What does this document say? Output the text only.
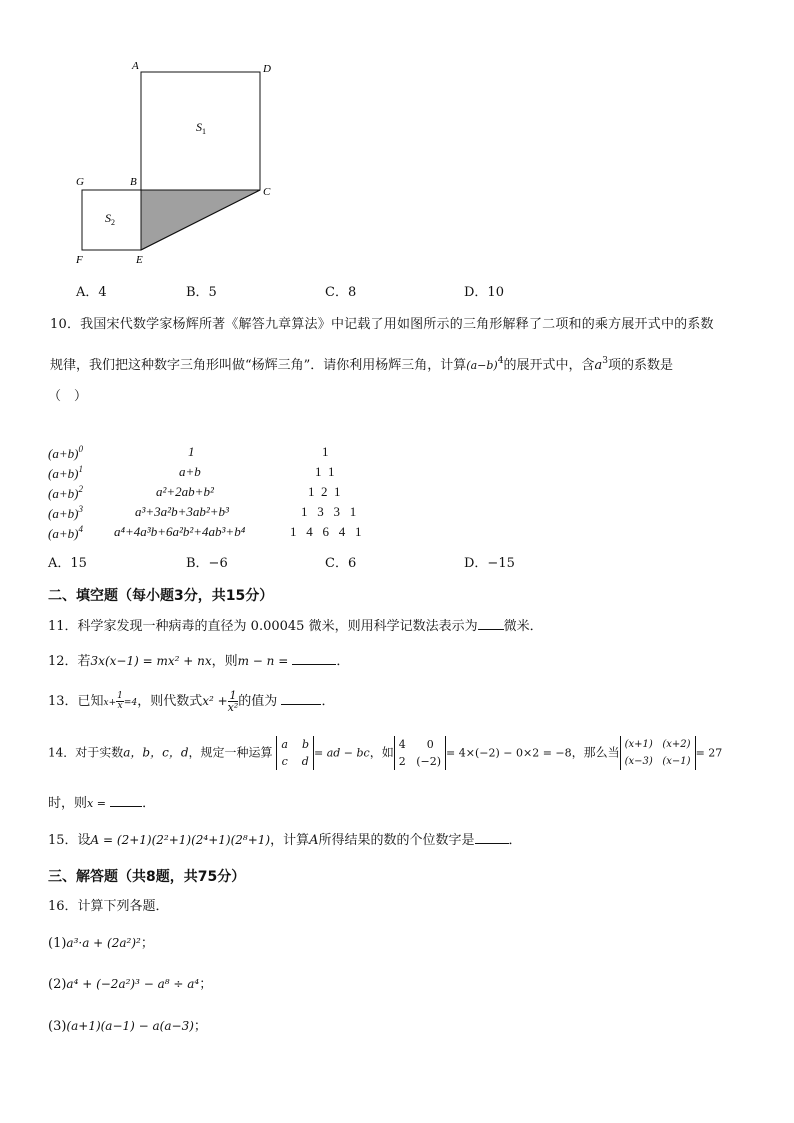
A	D
$S_1$
G	B
C
$S_2$
F	E
A．4	B．5	C．8	D．10
10．我国宋代数学家杨辉所著《解答九章算法》中记载了用如图所示的三角形解释了二项和的乘方展开式中的系数
规律，我们把这种数字三角形叫做“杨辉三角”．请你利用杨辉三角，计算$(a-b)^4$的展开式中，含$a^3$项的系数是
（　）
$(a+b)^0$	1	1
$(a+b)^1$	a+b	1  1
$(a+b)^2$	a²+2ab+b²	1  2  1
$(a+b)^3$	a³+3a²b+3ab²+b³	1   3   3   1
$(a+b)^4$ a⁴+4a³b+6a²b²+4ab³+b⁴	1   4   6   4   1
A．15	B．−6	C．6	D．−15
二、填空题（每小题3分，共15分）
11．科学家发现一种病毒的直径为 0.00045 微米，则用科学记数法表示为 微米．
12．若3x(x−1) = mx² + nx，则m − n =	．
13．已知$x+ \frac{1}{x} =4$，则代数式$x^2 + \frac{1}{\text{x²}}$ 的值为	．
14．对于实数a，b，c，d，规定一种运算 a b
c d= ad − bc，如4 0
2 (−2)= 4×(−2) − 0×2 = −8，那么当(x+1) (x+2)
(x−3) (x−1)= 27
时，则x =	．
15．设A = (2+1)(2²+1)(2⁴+1)(2⁸+1)，计算A所得结果的数的个位数字是	．
三、解答题（共8题，共75分）
16．计算下列各题．
(1)a³·a + (2a²)²；
(2)a⁴ + (−2a²)³ − a⁸ ÷ a⁴；
(3)(a+1)(a−1) − a(a−3)；
